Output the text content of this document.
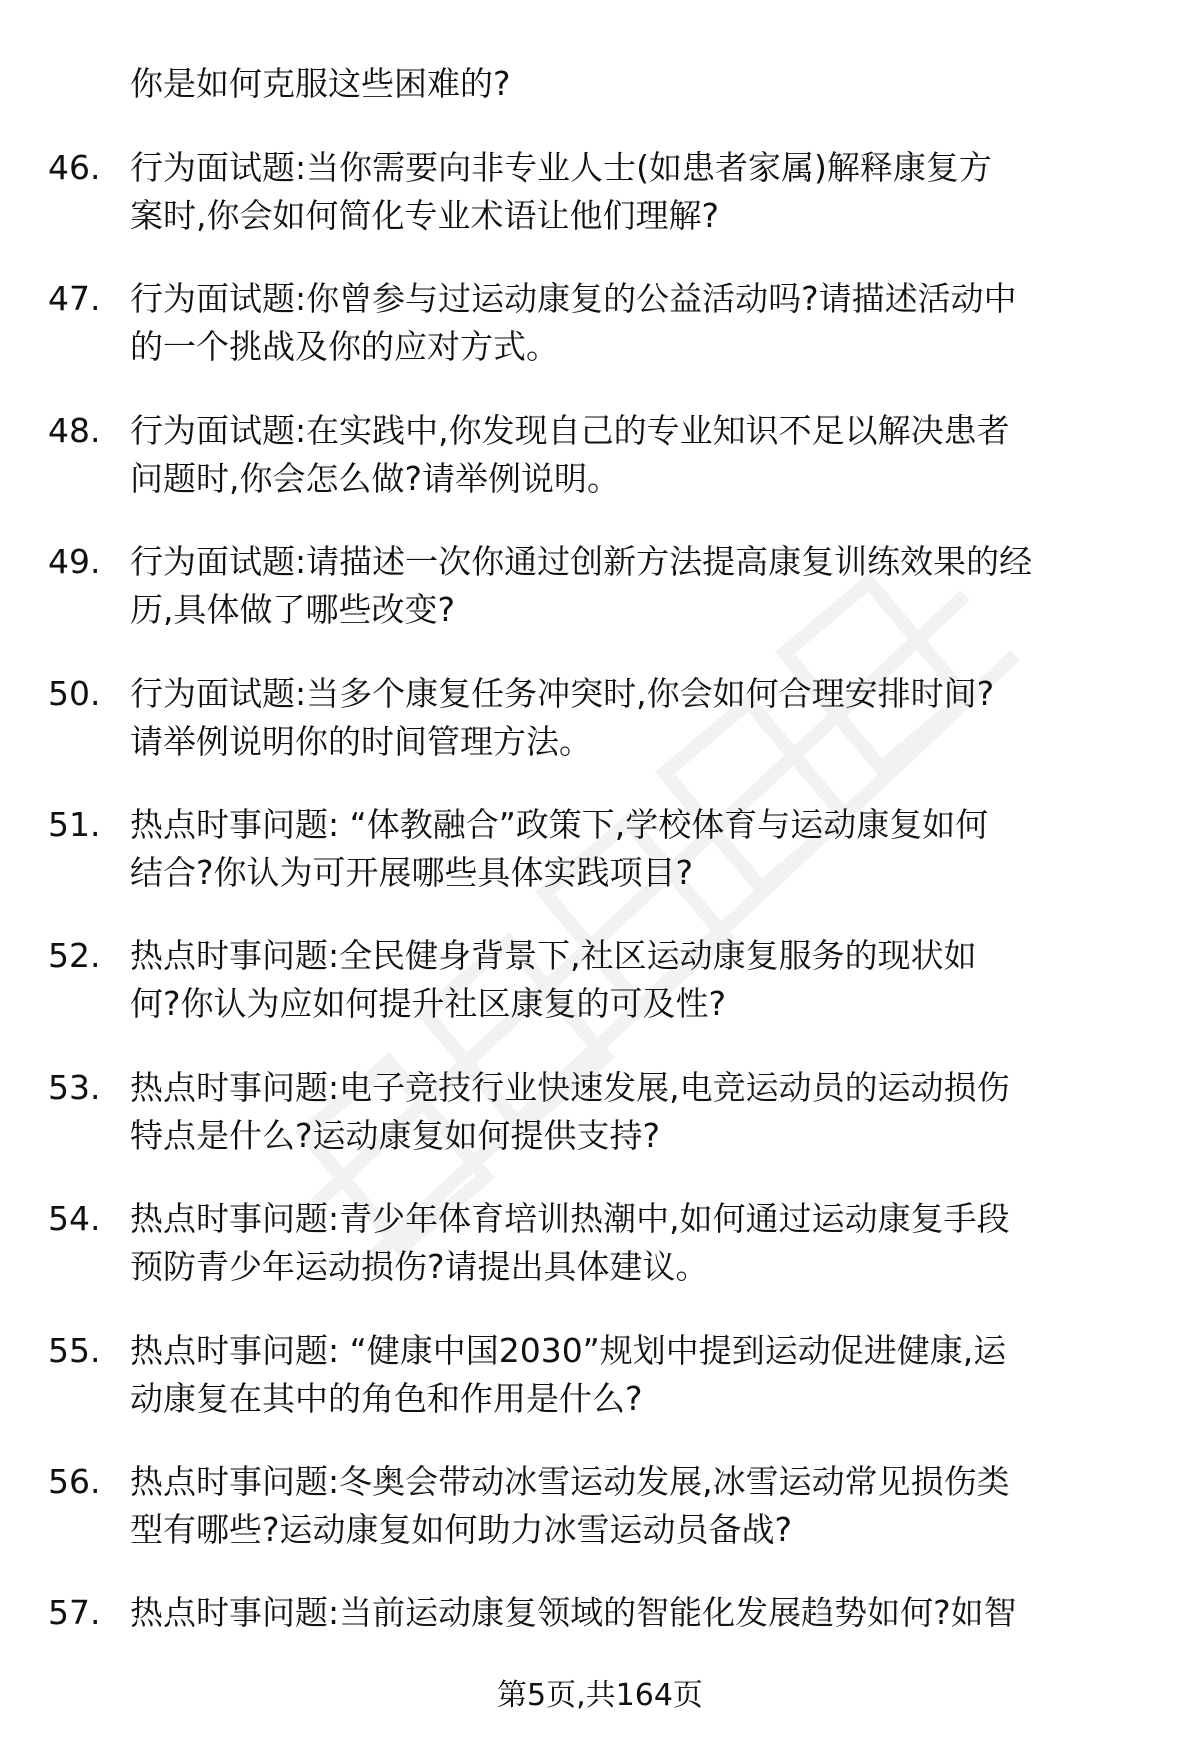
你是如何克服这些困难的?
46. 行为面试题:当你需要向非专业人士(如患者家属)解释康复方
案时,你会如何简化专业术语让他们理解?
47. 行为面试题:你曾参与过运动康复的公益活动吗?请描述活动中
的一个挑战及你的应对方式。
48. 行为面试题:在实践中,你发现自己的专业知识不足以解决患者
问题时,你会怎么做?请举例说明。
49. 行为面试题:请描述一次你通过创新方法提高康复训练效果的经
历,具体做了哪些改变?
50. 行为面试题:当多个康复任务冲突时,你会如何合理安排时间?
请举例说明你的时间管理方法。
51. 热点时事问题: “体教融合”政策下,学校体育与运动康复如何
结合?你认为可开展哪些具体实践项目?
52. 热点时事问题:全民健身背景下,社区运动康复服务的现状如
何?你认为应如何提升社区康复的可及性?
53. 热点时事问题:电子竞技行业快速发展,电竞运动员的运动损伤
特点是什么?运动康复如何提供支持?
54. 热点时事问题:青少年体育培训热潮中,如何通过运动康复手段
预防青少年运动损伤?请提出具体建议。
55. 热点时事问题: “健康中国2030”规划中提到运动促进健康,运
动康复在其中的角色和作用是什么?
56. 热点时事问题:冬奥会带动冰雪运动发展,冰雪运动常见损伤类
型有哪些?运动康复如何助力冰雪运动员备战?
57. 热点时事问题:当前运动康复领域的智能化发展趋势如何?如智
第5页,共164页
